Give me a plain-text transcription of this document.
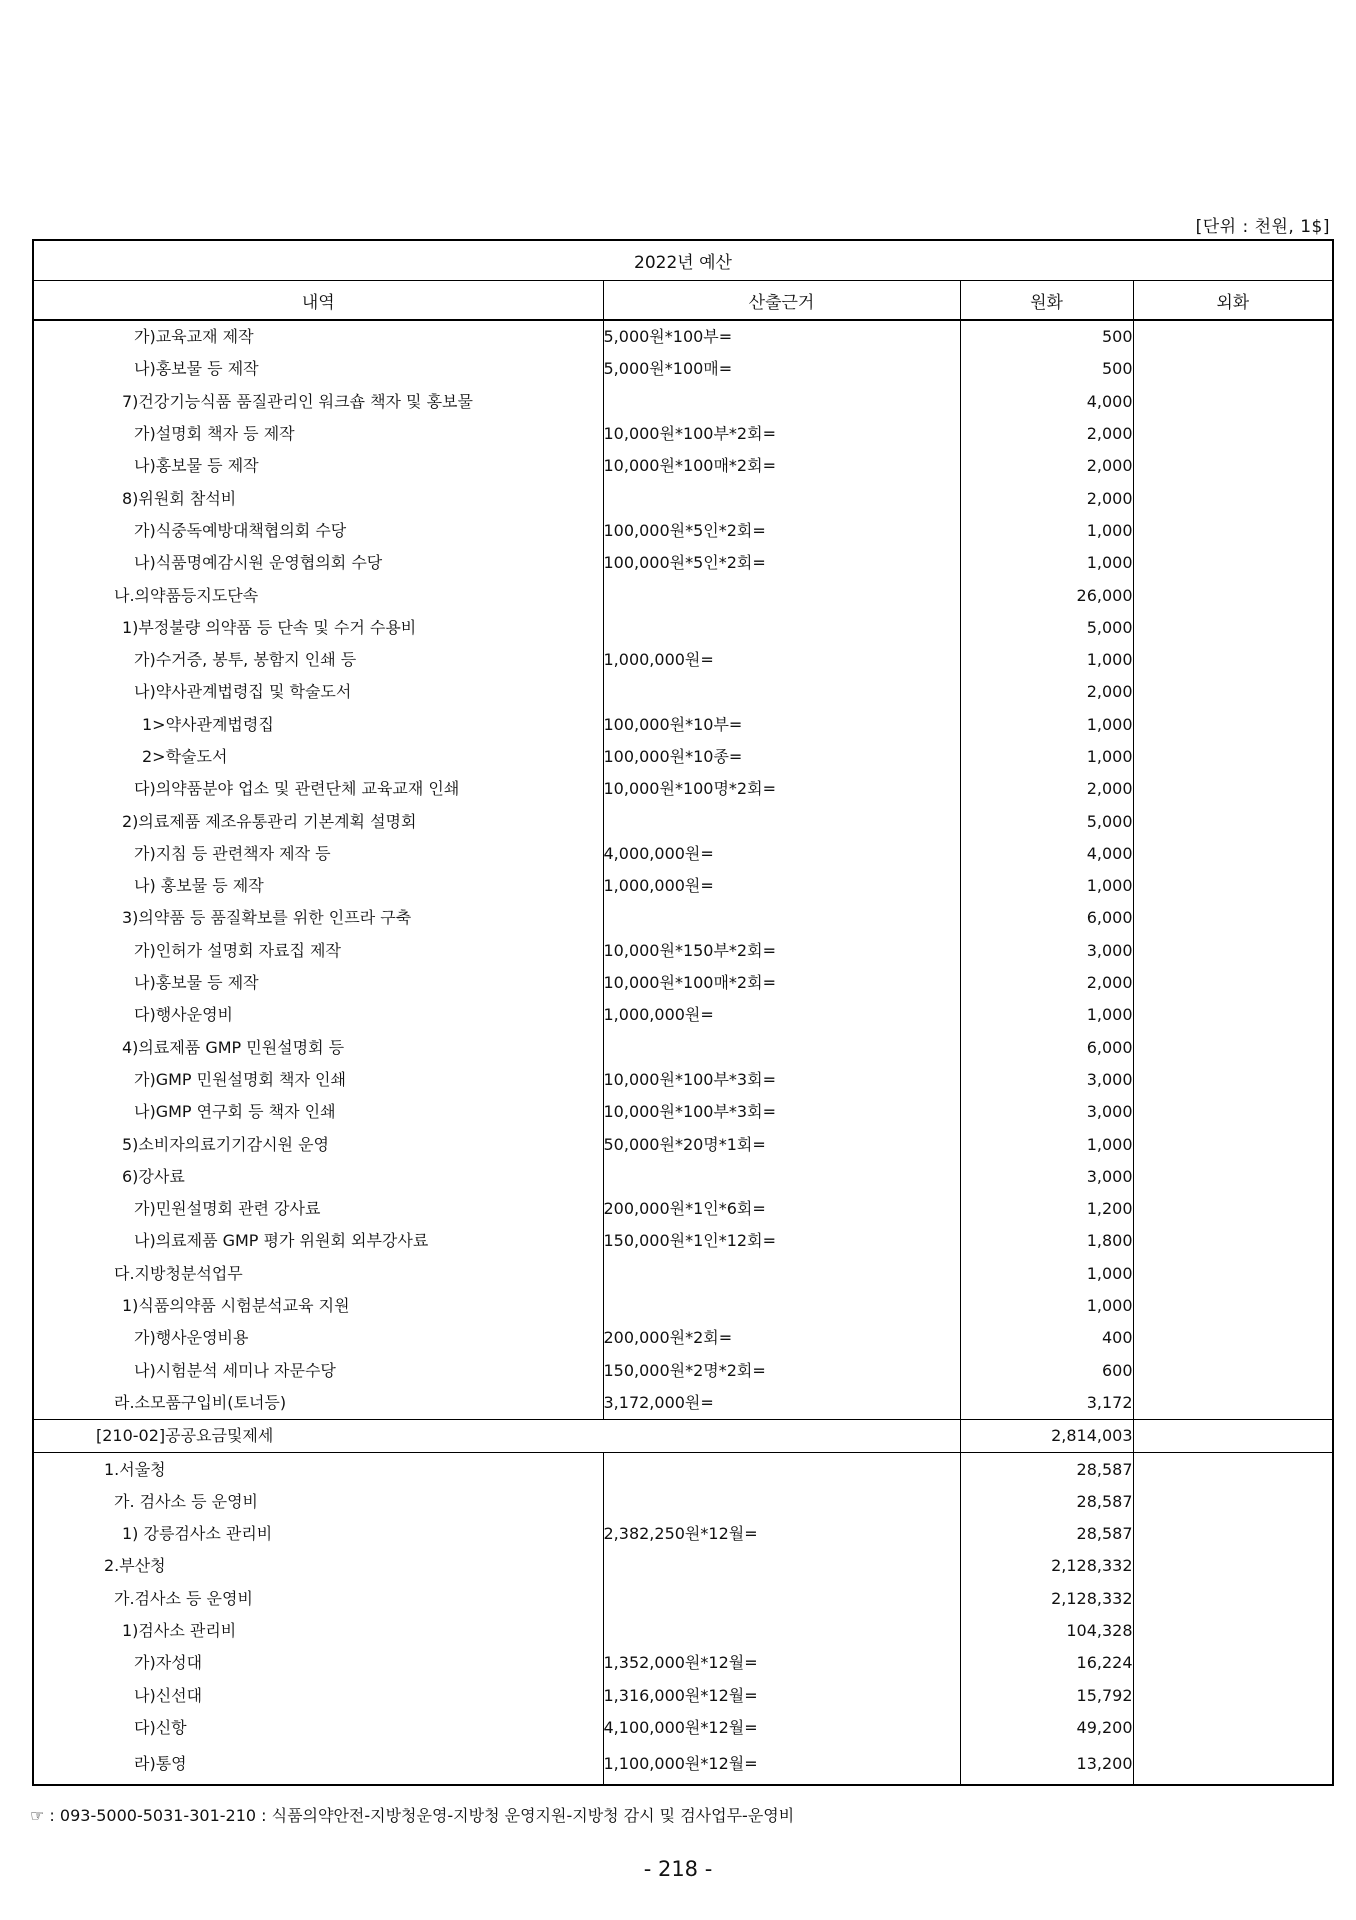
[단위 : 천원, 1$]
2022년 예산			
내역	산출근거	원화	외화
가)교육교재 제작	5,000원*100부=	500	
나)홍보물 등 제작	5,000원*100매=	500	
7)건강기능식품 품질관리인 워크숍 책자 및 홍보물		4,000	
가)설명회 책자 등 제작	10,000원*100부*2회=	2,000	
나)홍보물 등 제작	10,000원*100매*2회=	2,000	
8)위원회 참석비		2,000	
가)식중독예방대책협의회 수당	100,000원*5인*2회=	1,000	
나)식품명예감시원 운영협의회 수당	100,000원*5인*2회=	1,000	
나.의약품등지도단속		26,000	
1)부정불량 의약품 등 단속 및 수거 수용비		5,000	
가)수거증, 봉투, 봉함지 인쇄 등	1,000,000원=	1,000	
나)약사관계법령집 및 학술도서		2,000	
1>약사관계법령집	100,000원*10부=	1,000	
2>학술도서	100,000원*10종=	1,000	
다)의약품분야 업소 및 관련단체 교육교재 인쇄	10,000원*100명*2회=	2,000	
2)의료제품 제조유통관리 기본계획 설명회		5,000	
가)지침 등 관련책자 제작 등	4,000,000원=	4,000	
나) 홍보물 등 제작	1,000,000원=	1,000	
3)의약품 등 품질확보를 위한 인프라 구축		6,000	
가)인허가 설명회 자료집 제작	10,000원*150부*2회=	3,000	
나)홍보물 등 제작	10,000원*100매*2회=	2,000	
다)행사운영비	1,000,000원=	1,000	
4)의료제품 GMP 민원설명회 등		6,000	
가)GMP 민원설명회 책자 인쇄	10,000원*100부*3회=	3,000	
나)GMP 연구회 등 책자 인쇄	10,000원*100부*3회=	3,000	
5)소비자의료기기감시원 운영	50,000원*20명*1회=	1,000	
6)강사료		3,000	
가)민원설명회 관련 강사료	200,000원*1인*6회=	1,200	
나)의료제품 GMP 평가 위원회 외부강사료	150,000원*1인*12회=	1,800	
다.지방청분석업무		1,000	
1)식품의약품 시험분석교육 지원		1,000	
가)행사운영비용	200,000원*2회=	400	
나)시험분석 세미나 자문수당	150,000원*2명*2회=	600	
라.소모품구입비(토너등)	3,172,000원=	3,172	
[210-02]공공요금및제세		2,814,003	
1.서울청		28,587	
가. 검사소 등 운영비		28,587	
1) 강릉검사소 관리비	2,382,250원*12월=	28,587	
2.부산청		2,128,332	
가.검사소 등 운영비		2,128,332	
1)검사소 관리비		104,328	
가)자성대	1,352,000원*12월=	16,224	
나)신선대	1,316,000원*12월=	15,792	
다)신항	4,100,000원*12월=	49,200	
라)통영	1,100,000원*12월=	13,200	
☞ : 093-5000-5031-301-210 : 식품의약안전-지방청운영-지방청 운영지원-지방청 감시 및 검사업무-운영비
- 218 -
